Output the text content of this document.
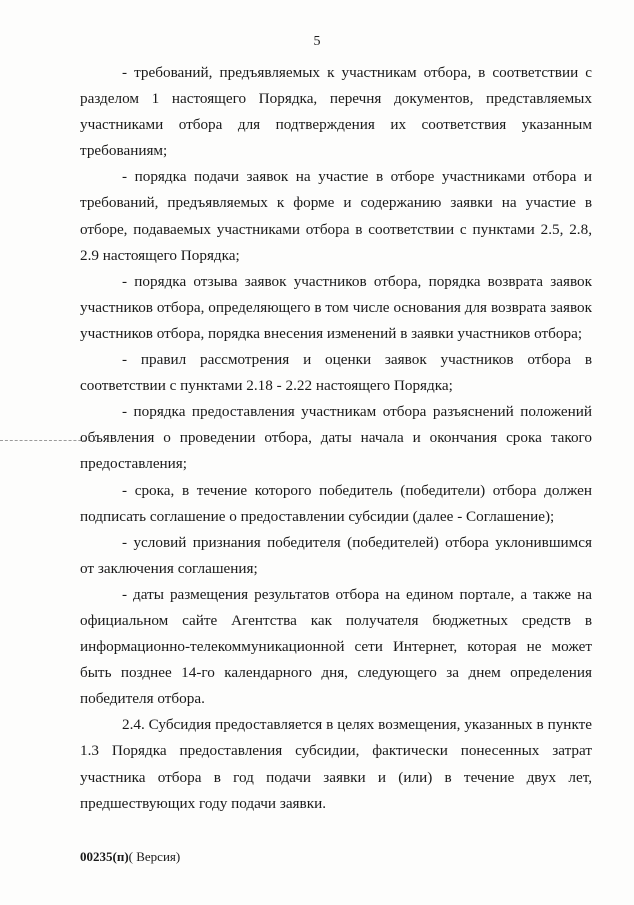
5

- требований, предъявляемых к участникам отбора, в соответствии с разделом 1 настоящего Порядка, перечня документов, представляемых участниками отбора для подтверждения их соответствия указанным требованиям;

- порядка подачи заявок на участие в отборе участниками отбора и требований, предъявляемых к форме и содержанию заявки на участие в отборе, подаваемых участниками отбора в соответствии с пунктами 2.5, 2.8, 2.9 настоящего Порядка;

- порядка отзыва заявок участников отбора, порядка возврата заявок участников отбора, определяющего в том числе основания для возврата заявок участников отбора, порядка внесения изменений в заявки участников отбора;

- правил рассмотрения и оценки заявок участников отбора в соответствии с пунктами 2.18 - 2.22 настоящего Порядка;

- порядка предоставления участникам отбора разъяснений положений объявления о проведении отбора, даты начала и окончания срока такого предоставления;

- срока, в течение которого победитель (победители) отбора должен подписать соглашение о предоставлении субсидии (далее - Соглашение);

- условий признания победителя (победителей) отбора уклонившимся от заключения соглашения;

- даты размещения результатов отбора на едином портале, а также на официальном сайте Агентства как получателя бюджетных средств в информационно-телекоммуникационной сети Интернет, которая не может быть позднее 14-го календарного дня, следующего за днем определения победителя отбора.

2.4. Субсидия предоставляется в целях возмещения, указанных в пункте 1.3 Порядка предоставления субсидии, фактически понесенных затрат участника отбора в год подачи заявки и (или) в течение двух лет, предшествующих году подачи заявки.

00235(п)( Версия)
